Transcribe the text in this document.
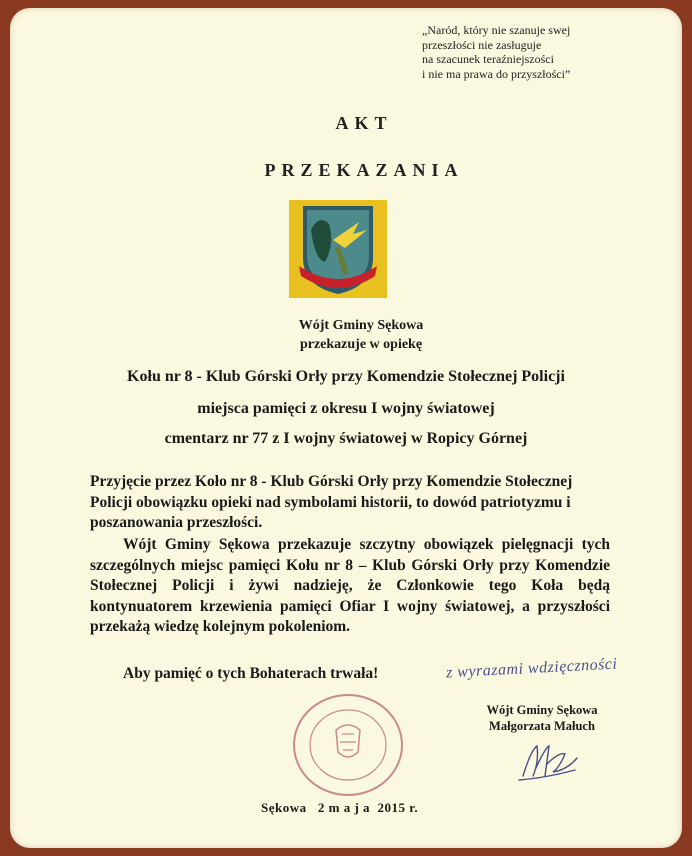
„Naród, który nie szanuje swej
przeszłości nie zasługuje
na szacunek teraźniejszości
i nie ma prawa do przyszłości”
AKT
PRZEKAZANIA
Wójt Gminy Sękowa
przekazuje w opiekę
Kołu nr 8 - Klub Górski Orły przy Komendzie Stołecznej Policji
miejsca pamięci z okresu I wojny światowej
cmentarz nr 77 z I wojny światowej w Ropicy Górnej
Przyjęcie przez Koło nr 8 - Klub Górski Orły przy Komendzie Stołecznej Policji obowiązku opieki nad symbolami historii, to dowód patriotyzmu i poszanowania przeszłości.
Wójt Gminy Sękowa przekazuje szczytny obowiązek pielęgnacji tych szczególnych miejsc pamięci Kołu nr 8 – Klub Górski Orły przy Komendzie Stołecznej Policji i żywi nadzieję, że Członkowie tego Koła będą kontynuatorem krzewienia pamięci Ofiar I wojny światowej, a przyszłości przekażą wiedzę kolejnym pokoleniom.
Aby pamięć o tych Bohaterach trwała!	z wyrazami wdzięczności
Wójt Gminy Sękowa
Małgorzata Małuch
Sękowa   2 m a j a  2015 r.
